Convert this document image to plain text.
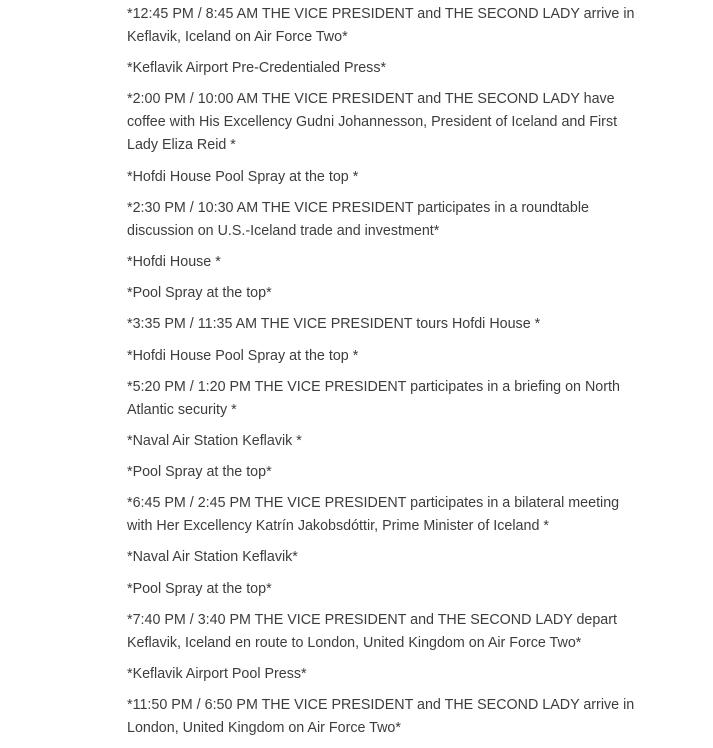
*12:45 PM / 8:45 AM THE VICE PRESIDENT and THE SECOND LADY arrive in Keflavik, Iceland on Air Force Two*

*Keflavik Airport Pre-Credentialed Press*

*2:00 PM / 10:00 AM THE VICE PRESIDENT and THE SECOND LADY have coffee with His Excellency Gudni Johannesson, President of Iceland and First Lady Eliza Reid *

*Hofdi House Pool Spray at the top *

*2:30 PM / 10:30 AM THE VICE PRESIDENT participates in a roundtable discussion on U.S.-Iceland trade and investment*

*Hofdi House *

*Pool Spray at the top*

*3:35 PM / 11:35 AM THE VICE PRESIDENT tours Hofdi House *

*Hofdi House Pool Spray at the top *

*5:20 PM / 1:20 PM THE VICE PRESIDENT participates in a briefing on North Atlantic security *

*Naval Air Station Keflavik *

*Pool Spray at the top*

*6:45 PM / 2:45 PM THE VICE PRESIDENT participates in a bilateral meeting with Her Excellency Katrín Jakobsdóttir, Prime Minister of Iceland *

*Naval Air Station Keflavik*

*Pool Spray at the top*

*7:40 PM / 3:40 PM THE VICE PRESIDENT and THE SECOND LADY depart Keflavik, Iceland en route to London, United Kingdom on Air Force Two*

*Keflavik Airport Pool Press*

*11:50 PM / 6:50 PM THE VICE PRESIDENT and THE SECOND LADY arrive in London, United Kingdom on Air Force Two*
